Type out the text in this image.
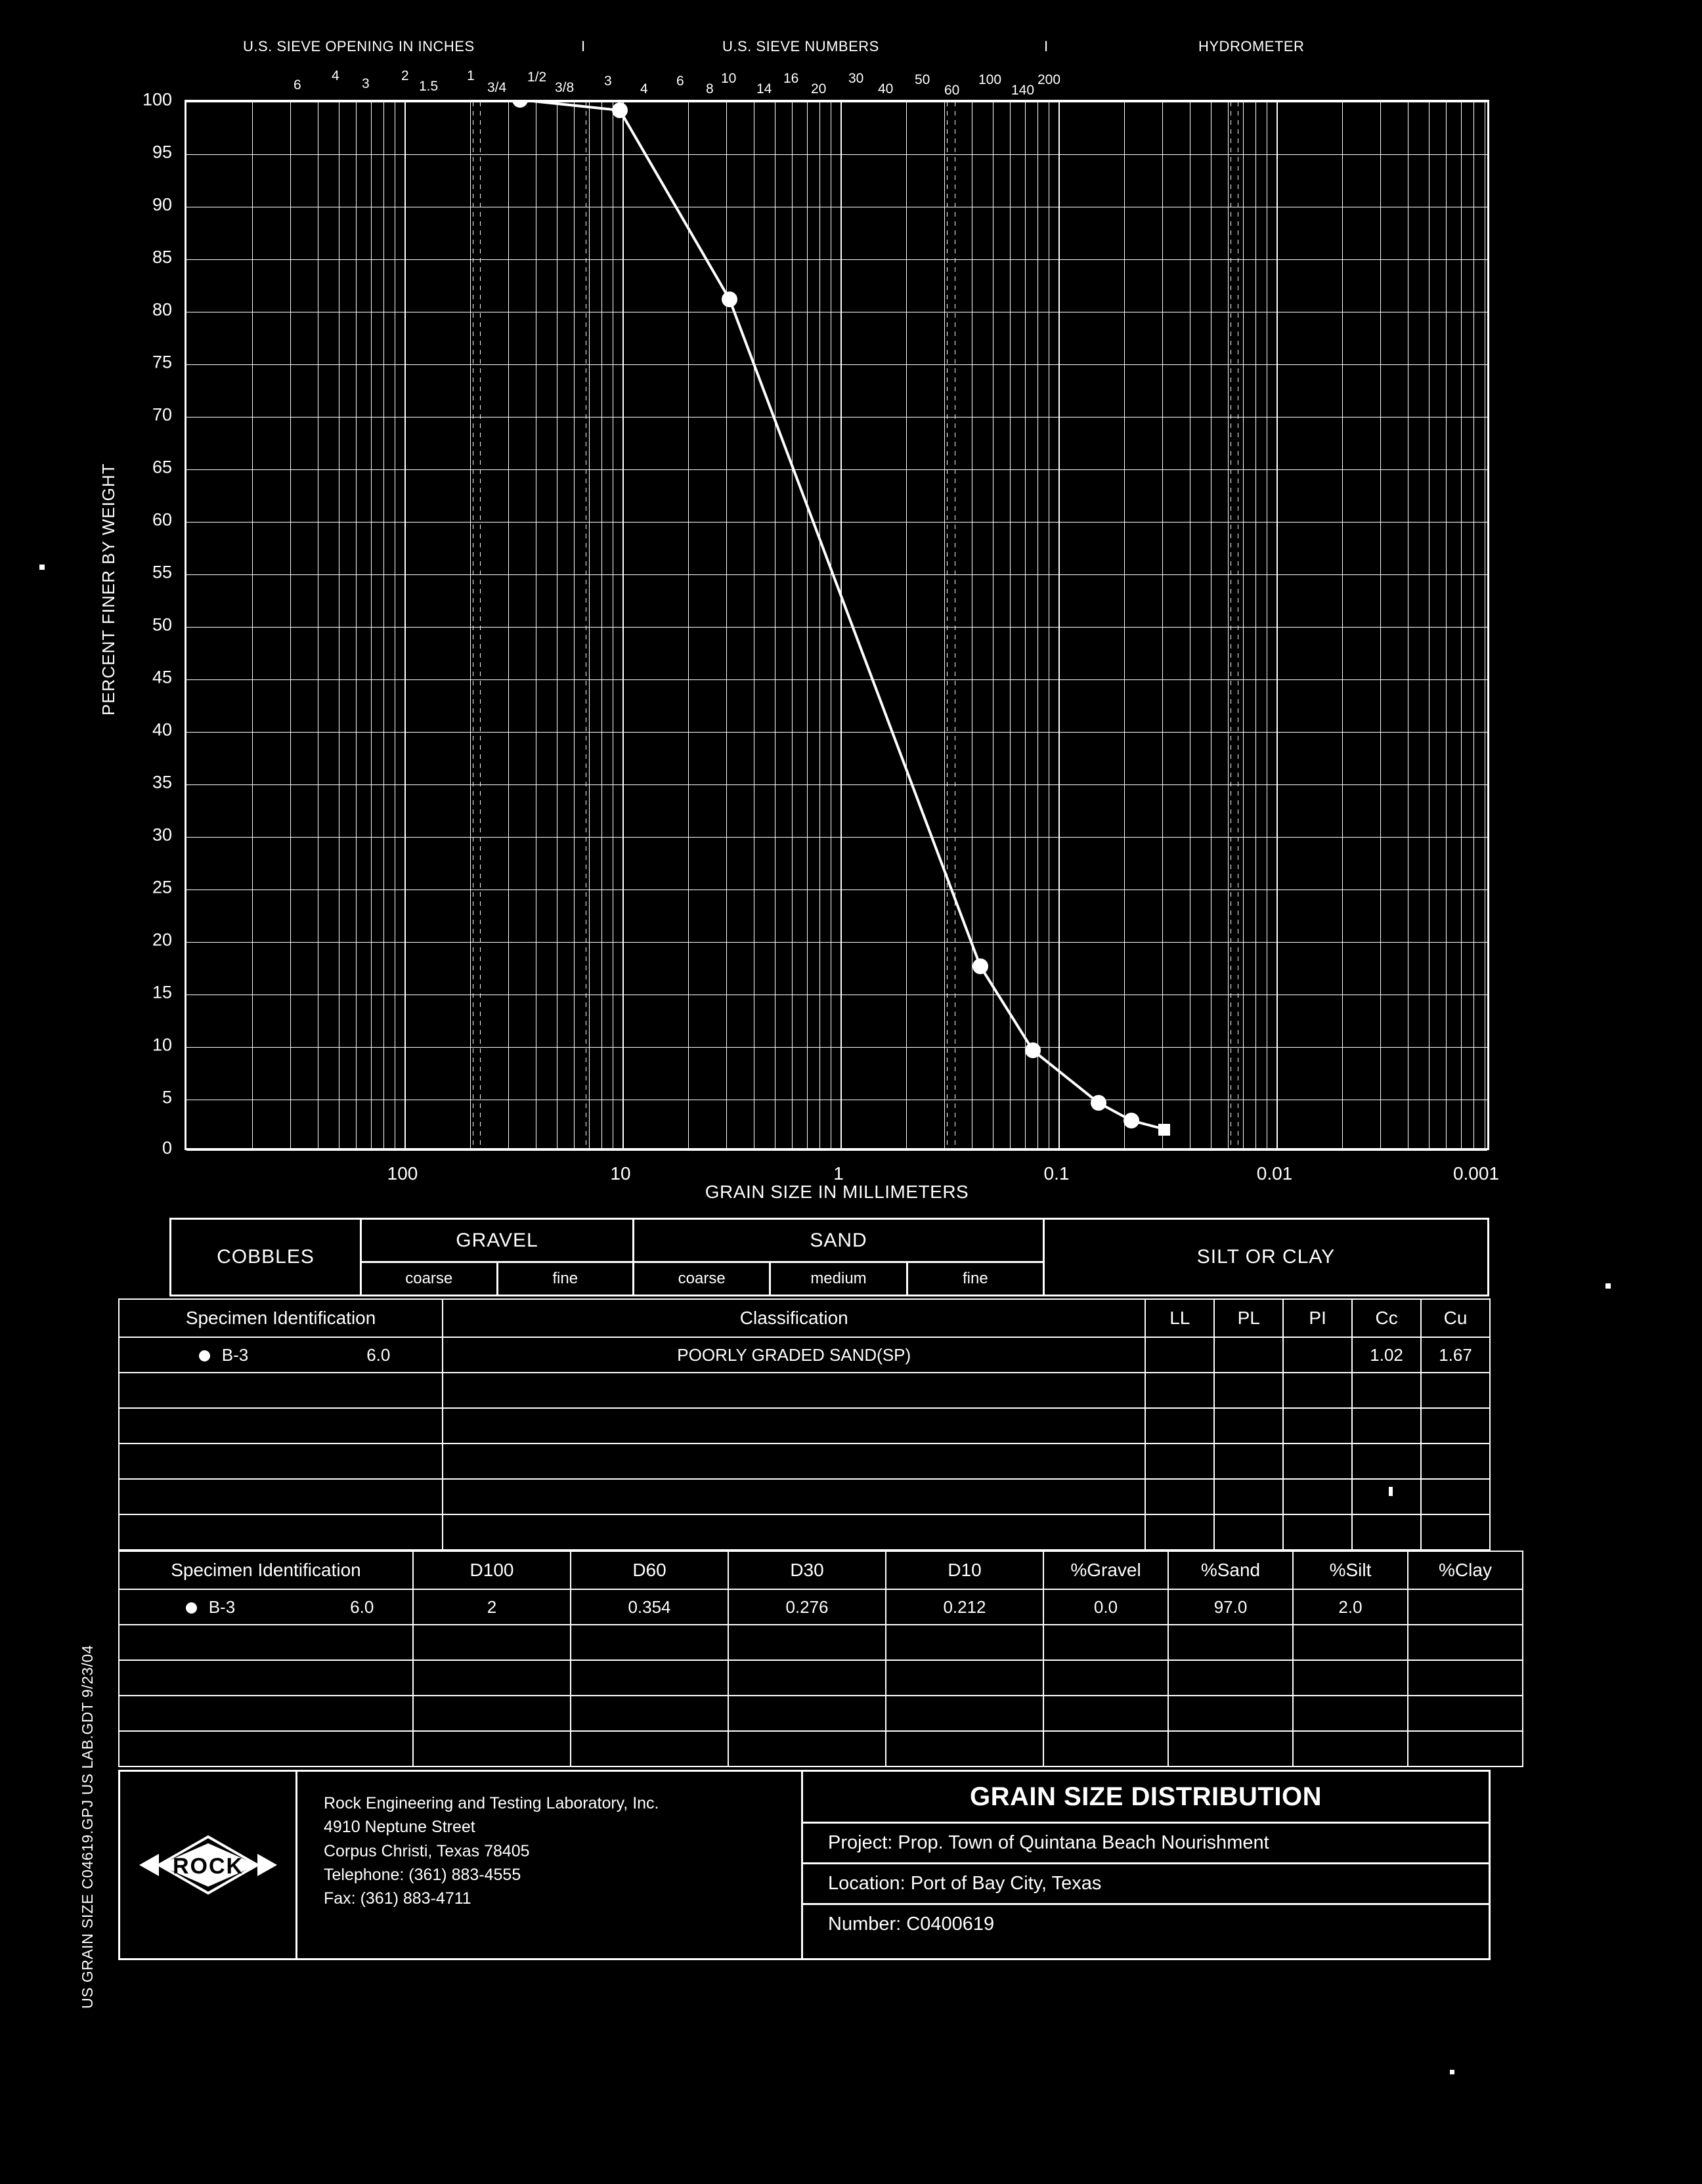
U.S. SIEVE OPENING IN INCHES	I	U.S. SIEVE NUMBERS	I	HYDROMETER
6
4
3
2
1.5
1
3/4
1/2
3/8 3
4
6
8
10
14
16
20
30
40
50
60
100
140
200
PERCENT FINER BY WEIGHT
100
95
90
85
80
75
70
65
60
55
50
45
40
35
30
25
20
15
10
5
0
100	10	1	0.1	0.01	0.001
GRAIN SIZE IN MILLIMETERS
COBBLES
GRAVEL
coarse	fine
SAND
coarse	medium	fine
SILT OR CLAY
Specimen Identification	Classification	LL	PL	PI	Cc	Cu
B-3 6.0	POORLY GRADED SAND(SP)				1.02	1.67

Specimen Identification	D100	D60	D30	D10	%Gravel	%Sand	%Silt	%Clay
B-3 6.0	2	0.354	0.276	0.212	0.0	97.0	2.0	

ROCK
Rock Engineering and Testing Laboratory, Inc.
4910 Neptune Street
Corpus Christi, Texas 78405
Telephone: (361) 883-4555
Fax: (361) 883-4711
GRAIN SIZE DISTRIBUTION
Project: Prop. Town of Quintana Beach Nourishment
Location: Port of Bay City, Texas
Number: C0400619
US GRAIN SIZE C04619.GPJ US LAB.GDT 9/23/04
